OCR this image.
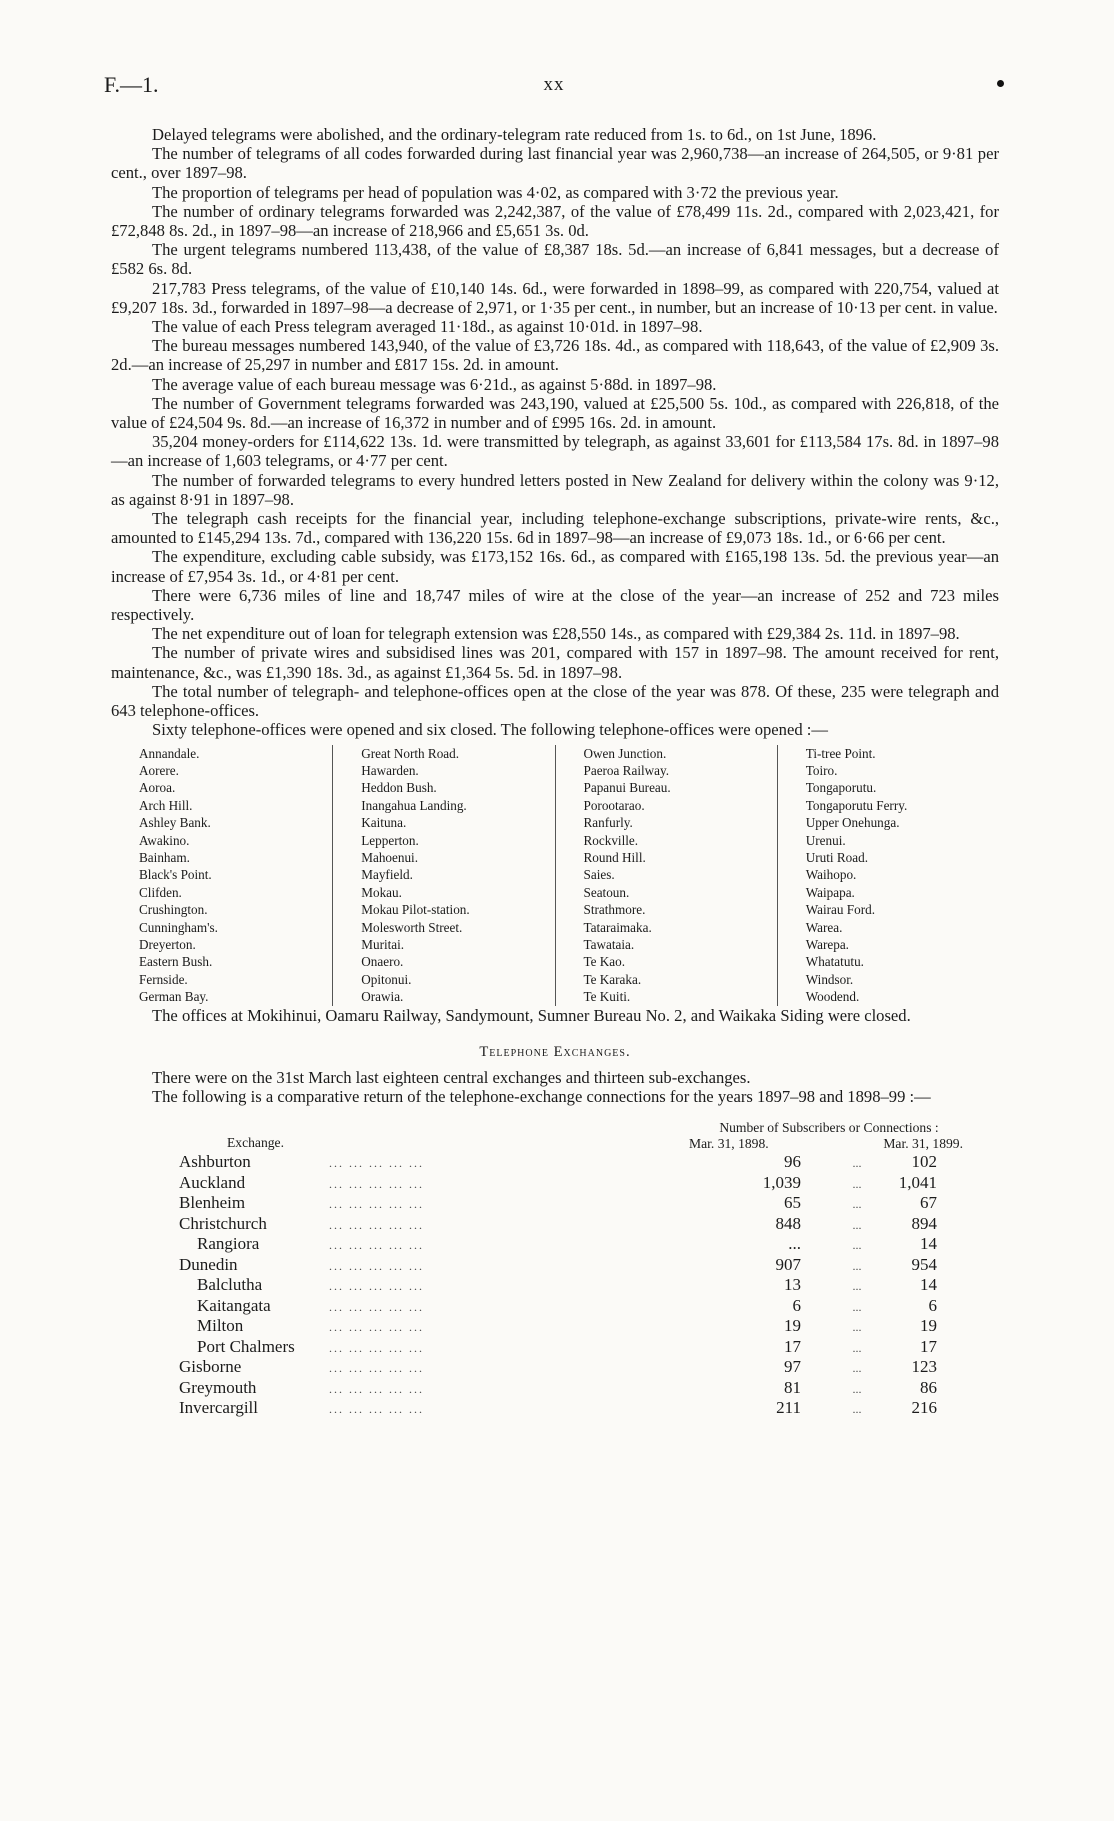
F.—1.	xx

Delayed telegrams were abolished, and the ordinary-telegram rate reduced from 1s. to 6d., on 1st June, 1896.

The number of telegrams of all codes forwarded during last financial year was 2,960,738—an increase of 264,505, or 9·81 per cent., over 1897–98.

The proportion of telegrams per head of population was 4·02, as compared with 3·72 the previous year.

The number of ordinary telegrams forwarded was 2,242,387, of the value of £78,499 11s. 2d., compared with 2,023,421, for £72,848 8s. 2d., in 1897–98—an increase of 218,966 and £5,651 3s. 0d.

The urgent telegrams numbered 113,438, of the value of £8,387 18s. 5d.—an increase of 6,841 messages, but a decrease of £582 6s. 8d.

217,783 Press telegrams, of the value of £10,140 14s. 6d., were forwarded in 1898–99, as compared with 220,754, valued at £9,207 18s. 3d., forwarded in 1897–98—a decrease of 2,971, or 1·35 per cent., in number, but an increase of 10·13 per cent. in value.

The value of each Press telegram averaged 11·18d., as against 10·01d. in 1897–98.

The bureau messages numbered 143,940, of the value of £3,726 18s. 4d., as compared with 118,643, of the value of £2,909 3s. 2d.—an increase of 25,297 in number and £817 15s. 2d. in amount.

The average value of each bureau message was 6·21d., as against 5·88d. in 1897–98.

The number of Government telegrams forwarded was 243,190, valued at £25,500 5s. 10d., as compared with 226,818, of the value of £24,504 9s. 8d.—an increase of 16,372 in number and of £995 16s. 2d. in amount.

35,204 money-orders for £114,622 13s. 1d. were transmitted by telegraph, as against 33,601 for £113,584 17s. 8d. in 1897–98—an increase of 1,603 telegrams, or 4·77 per cent.

The number of forwarded telegrams to every hundred letters posted in New Zealand for delivery within the colony was 9·12, as against 8·91 in 1897–98.

The telegraph cash receipts for the financial year, including telephone-exchange subscriptions, private-wire rents, &c., amounted to £145,294 13s. 7d., compared with 136,220 15s. 6d in 1897–98—an increase of £9,073 18s. 1d., or 6·66 per cent.

The expenditure, excluding cable subsidy, was £173,152 16s. 6d., as compared with £165,198 13s. 5d. the previous year—an increase of £7,954 3s. 1d., or 4·81 per cent.

There were 6,736 miles of line and 18,747 miles of wire at the close of the year—an increase of 252 and 723 miles respectively.

The net expenditure out of loan for telegraph extension was £28,550 14s., as compared with £29,384 2s. 11d. in 1897–98.

The number of private wires and subsidised lines was 201, compared with 157 in 1897–98. The amount received for rent, maintenance, &c., was £1,390 18s. 3d., as against £1,364 5s. 5d. in 1897–98.

The total number of telegraph- and telephone-offices open at the close of the year was 878. Of these, 235 were telegraph and 643 telephone-offices.

Sixty telephone-offices were opened and six closed. The following telephone-offices were opened :—

Annandale.
Aorere.
Aoroa.
Arch Hill.
Ashley Bank.
Awakino.
Bainham.
Black's Point.
Clifden.
Crushington.
Cunningham's.
Dreyerton.
Eastern Bush.
Fernside.
German Bay.
Great North Road.
Hawarden.
Heddon Bush.
Inangahua Landing.
Kaituna.
Lepperton.
Mahoenui.
Mayfield.
Mokau.
Mokau Pilot-station.
Molesworth Street.
Muritai.
Onaero.
Opitonui.
Orawia.
Owen Junction.
Paeroa Railway.
Papanui Bureau.
Porootarao.
Ranfurly.
Rockville.
Round Hill.
Saies.
Seatoun.
Strathmore.
Tataraimaka.
Tawataia.
Te Kao.
Te Karaka.
Te Kuiti.
Ti-tree Point.
Toiro.
Tongaporutu.
Tongaporutu Ferry.
Upper Onehunga.
Urenui.
Uruti Road.
Waihopo.
Waipapa.
Wairau Ford.
Warea.
Warepa.
Whatatutu.
Windsor.
Woodend.

The offices at Mokihinui, Oamaru Railway, Sandymount, Sumner Bureau No. 2, and Waikaka Siding were closed.

Telephone Exchanges.

There were on the 31st March last eighteen central exchanges and thirteen sub-exchanges.

The following is a comparative return of the telephone-exchange connections for the years 1897–98 and 1898–99 :—

Exchange.
Number of Subscribers or Connections :
Mar. 31, 1898.	Mar. 31, 1899.
Ashburton	... ... ... ... ...	96	...	102
Auckland	... ... ... ... ...	1,039	...	1,041
Blenheim	... ... ... ... ...	65	...	67
Christchurch	... ... ... ... ...	848	...	894
Rangiora	... ... ... ... ...	...	...	14
Dunedin	... ... ... ... ...	907	...	954
Balclutha	... ... ... ... ...	13	...	14
Kaitangata	... ... ... ... ...	6	...	6
Milton	... ... ... ... ...	19	...	19
Port Chalmers	... ... ... ... ...	17	...	17
Gisborne	... ... ... ... ...	97	...	123
Greymouth	... ... ... ... ...	81	...	86
Invercargill	... ... ... ... ...	211	...	216
